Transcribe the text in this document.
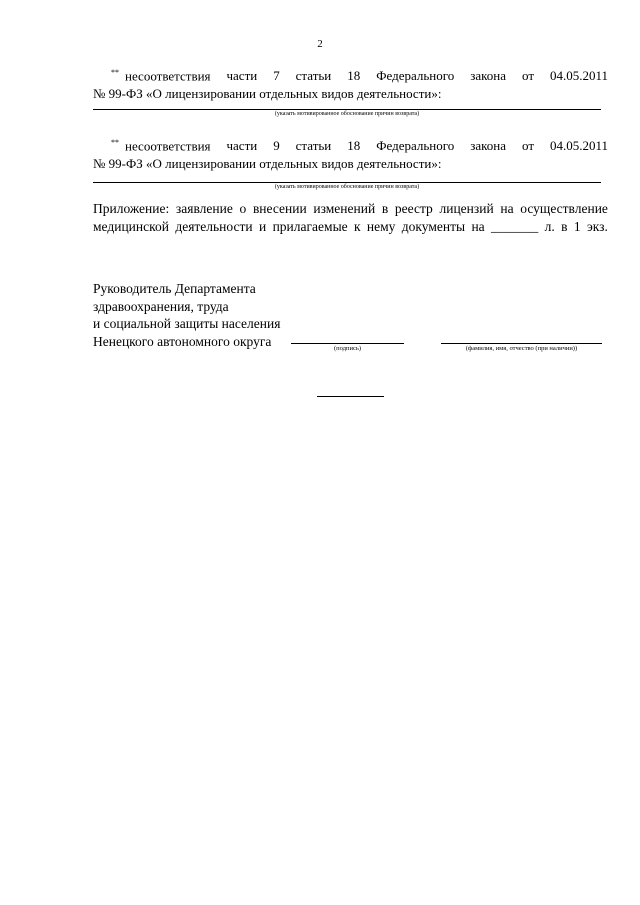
2
** несоответствия части 7 статьи 18 Федерального закона от 04.05.2011
№ 99-ФЗ «О лицензировании отдельных видов деятельности»:
(указать мотивированное обоснование причин возврата)
** несоответствия части 9 статьи 18 Федерального закона от 04.05.2011
№ 99-ФЗ «О лицензировании отдельных видов деятельности»:
(указать мотивированное обоснование причин возврата)
Приложение: заявление о внесении изменений в реестр лицензий на осуществление
медицинской деятельности и прилагаемые к нему документы на _______ л. в 1 экз.
Руководитель Департамента
здравоохранения, труда
и социальной защиты населения
Ненецкого автономного округа	(подпись)	(фамилия, имя, отчество (при наличии))
